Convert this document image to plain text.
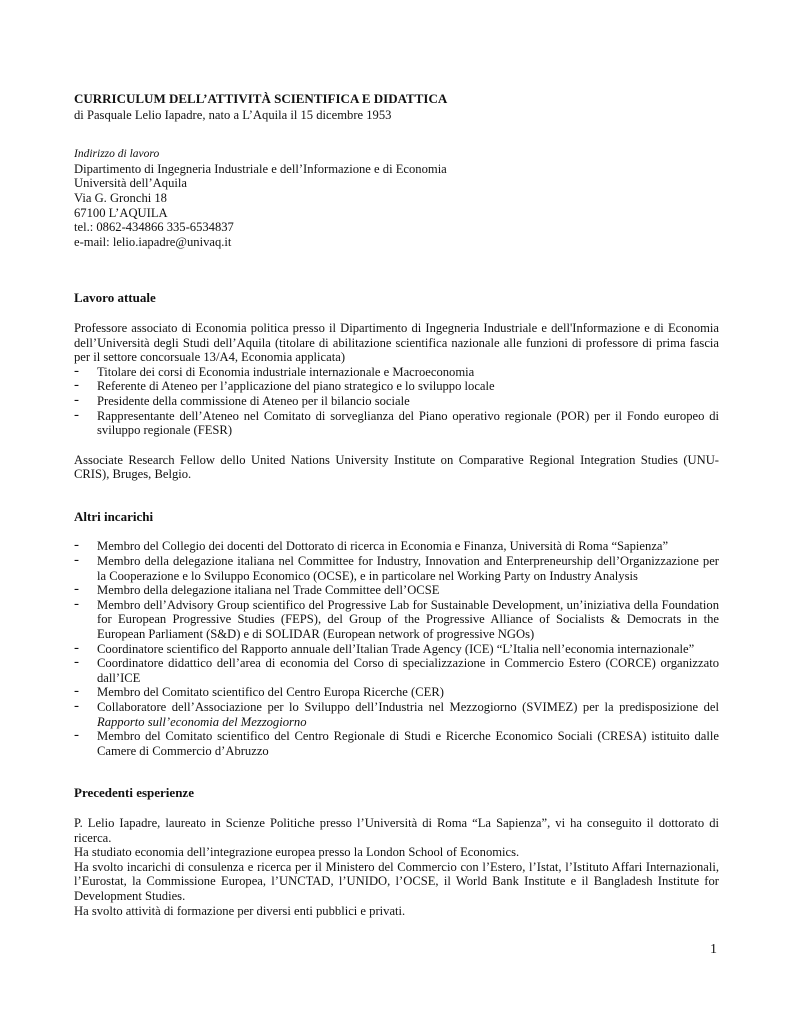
CURRICULUM DELL’ATTIVITÀ SCIENTIFICA E DIDATTICA
di Pasquale Lelio Iapadre, nato a L’Aquila il 15 dicembre 1953
Indirizzo di lavoro
Dipartimento di Ingegneria Industriale e dell’Informazione e di Economia
Università dell’Aquila
Via G. Gronchi 18
67100 L’AQUILA
tel.: 0862-434866 335-6534837
e-mail: lelio.iapadre@univaq.it
Lavoro attuale
Professore associato di Economia politica presso il Dipartimento di Ingegneria Industriale e dell'Informazione e di Economia dell’Università degli Studi dell’Aquila (titolare di abilitazione scientifica nazionale alle funzioni di professore di prima fascia per il settore concorsuale 13/A4, Economia applicata)
- Titolare dei corsi di Economia industriale internazionale e Macroeconomia
- Referente di Ateneo per l’applicazione del piano strategico e lo sviluppo locale
- Presidente della commissione di Ateneo per il bilancio sociale
- Rappresentante dell’Ateneo nel Comitato di sorveglianza del Piano operativo regionale (POR) per il Fondo europeo di sviluppo regionale (FESR)
Associate Research Fellow dello United Nations University Institute on Comparative Regional Integration Studies (UNU-CRIS), Bruges, Belgio.
Altri incarichi
- Membro del Collegio dei docenti del Dottorato di ricerca in Economia e Finanza, Università di Roma “Sapienza”
- Membro della delegazione italiana nel Committee for Industry, Innovation and Enterpreneurship dell’Organizzazione per la Cooperazione e lo Sviluppo Economico (OCSE), e in particolare nel Working Party on Industry Analysis
- Membro della delegazione italiana nel Trade Committee dell’OCSE
- Membro dell’Advisory Group scientifico del Progressive Lab for Sustainable Development, un’iniziativa della Foundation for European Progressive Studies (FEPS), del Group of the Progressive Alliance of Socialists & Democrats in the European Parliament (S&D) e di SOLIDAR (European network of progressive NGOs)
- Coordinatore scientifico del Rapporto annuale dell’Italian Trade Agency (ICE) “L’Italia nell’economia internazionale”
- Coordinatore didattico dell’area di economia del Corso di specializzazione in Commercio Estero (CORCE) organizzato dall’ICE
- Membro del Comitato scientifico del Centro Europa Ricerche (CER)
- Collaboratore dell’Associazione per lo Sviluppo dell’Industria nel Mezzogiorno (SVIMEZ) per la predisposizione del Rapporto sull’economia del Mezzogiorno
- Membro del Comitato scientifico del Centro Regionale di Studi e Ricerche Economico Sociali (CRESA) istituito dalle Camere di Commercio d’Abruzzo
Precedenti esperienze
P. Lelio Iapadre, laureato in Scienze Politiche presso l’Università di Roma “La Sapienza”, vi ha conseguito il dottorato di ricerca.
Ha studiato economia dell’integrazione europea presso la London School of Economics.
Ha svolto incarichi di consulenza e ricerca per il Ministero del Commercio con l’Estero, l’Istat, l’Istituto Affari Internazionali, l’Eurostat, la Commissione Europea, l’UNCTAD, l’UNIDO, l’OCSE, il World Bank Institute e il Bangladesh Institute for Development Studies.
Ha svolto attività di formazione per diversi enti pubblici e privati.
1
